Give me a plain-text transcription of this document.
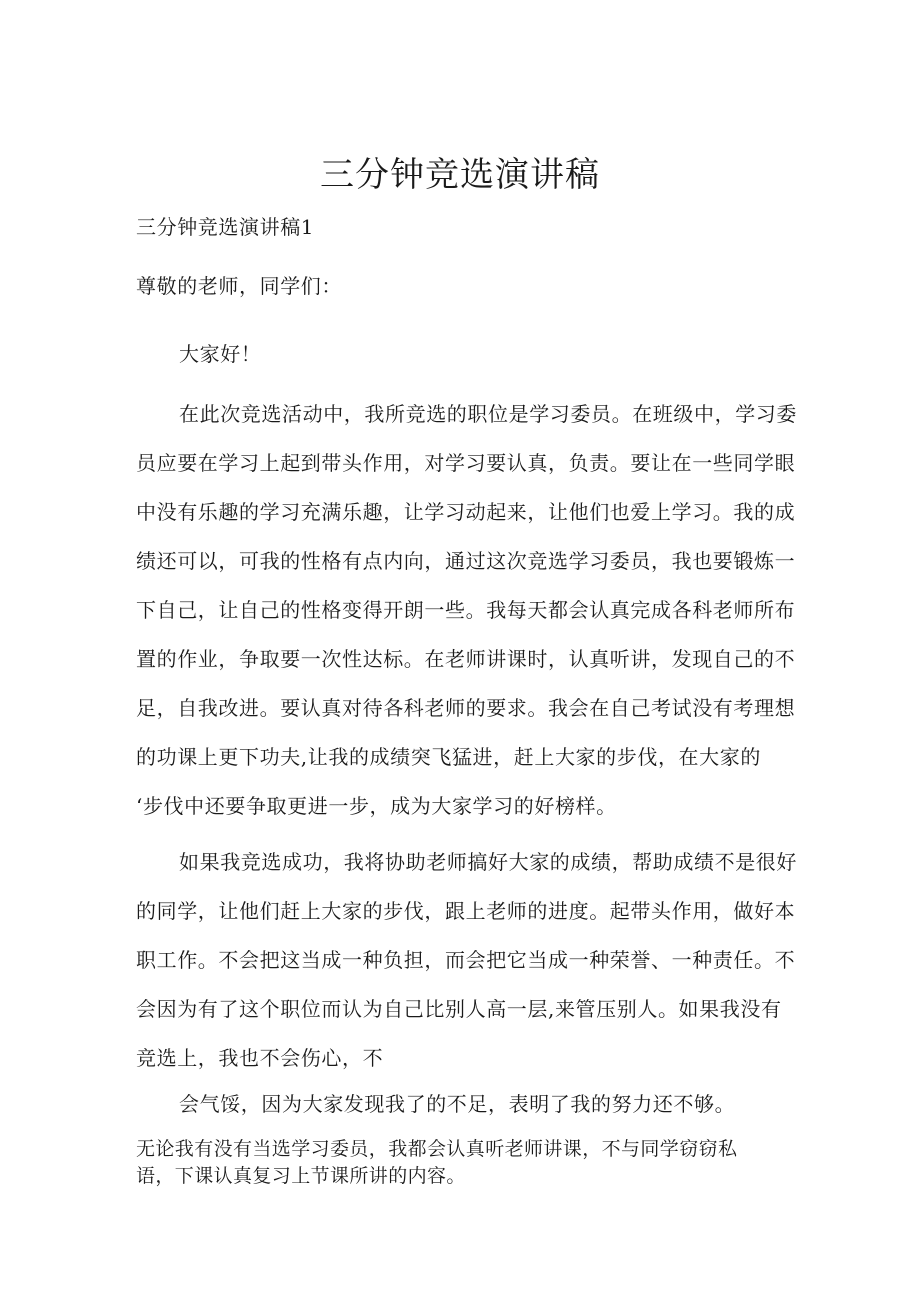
三分钟竞选演讲稿
三分钟竞选演讲稿1
尊敬的老师，同学们：
大家好！
在此次竞选活动中，我所竞选的职位是学习委员。在班级中，学习委
员应要在学习上起到带头作用，对学习要认真，负责。要让在一些同学眼
中没有乐趣的学习充满乐趣，让学习动起来，让他们也爱上学习。我的成
绩还可以，可我的性格有点内向，通过这次竞选学习委员，我也要锻炼一
下自己，让自己的性格变得开朗一些。我每天都会认真完成各科老师所布
置的作业，争取要一次性达标。在老师讲课时，认真听讲，发现自己的不
足，自我改进。要认真对待各科老师的要求。我会在自己考试没有考理想
的功课上更下功夫,让我的成绩突飞猛进，赶上大家的步伐，在大家的
‘步伐中还要争取更进一步，成为大家学习的好榜样。
如果我竞选成功，我将协助老师搞好大家的成绩，帮助成绩不是很好
的同学，让他们赶上大家的步伐，跟上老师的进度。起带头作用，做好本
职工作。不会把这当成一种负担，而会把它当成一种荣誉、一种责任。不
会因为有了这个职位而认为自己比别人高一层,来管压别人。如果我没有
竞选上，我也不会伤心，不
会气馁，因为大家发现我了的不足，表明了我的努力还不够。
无论我有没有当选学习委员，我都会认真听老师讲课，不与同学窃窃私
语，下课认真复习上节课所讲的内容。
